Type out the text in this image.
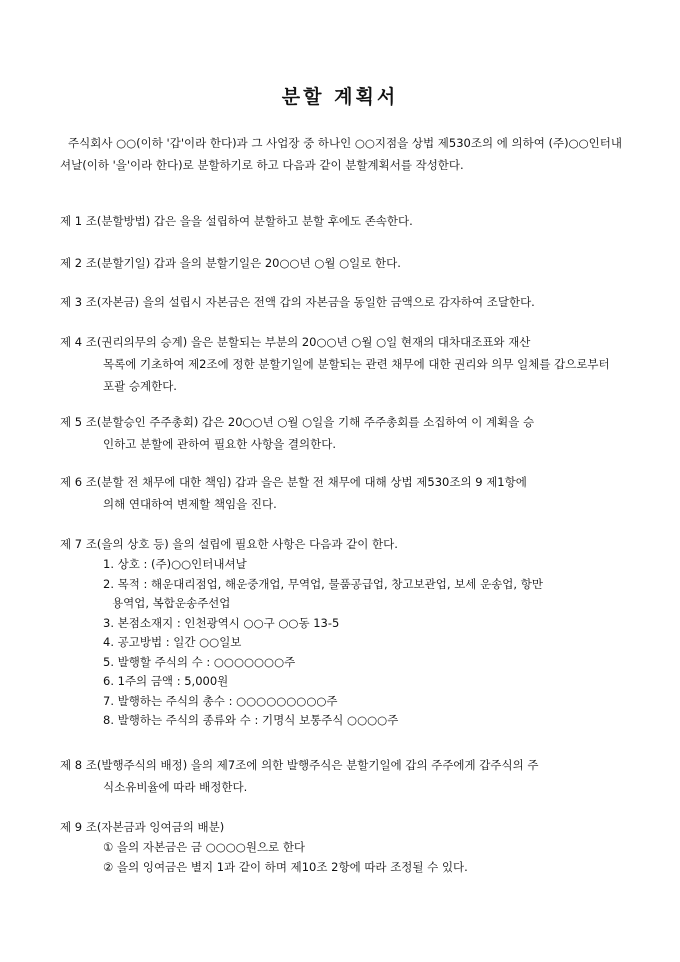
분할 계획서
주식회사 ○○(이하 '갑'이라 한다)과 그 사업장 중 하나인 ○○지점을 상법 제530조의 에 의하여 (주)○○인터내셔날(이하 '을'이라 한다)로 분할하기로 하고 다음과 같이 분할계획서를 작성한다.
제 1 조(분할방법) 갑은 을을 설립하여 분할하고 분할 후에도 존속한다.
제 2 조(분할기일) 갑과 을의 분할기일은 20○○년 ○월 ○일로 한다.
제 3 조(자본금) 을의 설립시 자본금은 전액 갑의 자본금을 동일한 금액으로 감자하여 조달한다.
제 4 조(권리의무의 승계) 을은 분할되는 부분의 20○○년 ○월 ○일 현재의 대차대조표와 재산
목록에 기초하여 제2조에 정한 분할기일에 분할되는 관련 채무에 대한 권리와 의무 일체를 갑으로부터 포괄 승계한다.
제 5 조(분할승인 주주총회) 갑은 20○○년 ○월 ○일을 기해 주주총회를 소집하여 이 계획을 승
인하고 분할에 관하여 필요한 사항을 결의한다.
제 6 조(분할 전 채무에 대한 책임) 갑과 을은 분할 전 채무에 대해 상법 제530조의 9 제1항에
의해 연대하여 변제할 책임을 진다.
제 7 조(을의 상호 등) 을의 설립에 필요한 사항은 다음과 같이 한다.
1. 상호 : (주)○○인터내셔날
2. 목적 : 해운대리점업, 해운중개업, 무역업, 물품공급업, 창고보관업, 보세 운송업, 항만
용역업, 복합운송주선업
3. 본점소재지 : 인천광역시 ○○구 ○○동 13-5
4. 공고방법 : 일간 ○○일보
5. 발행할 주식의 수 : ○○○○○○○주
6. 1주의 금액 : 5,000원
7. 발행하는 주식의 총수 : ○○○○○○○○○주
8. 발행하는 주식의 종류와 수 : 기명식 보통주식 ○○○○주
제 8 조(발행주식의 배정) 을의 제7조에 의한 발행주식은 분할기일에 갑의 주주에게 갑주식의 주
식소유비율에 따라 배정한다.
제 9 조(자본금과 잉여금의 배분)
① 을의 자본금은 금 ○○○○원으로 한다
② 을의 잉여금은 별지 1과 같이 하며 제10조 2항에 따라 조정될 수 있다.
